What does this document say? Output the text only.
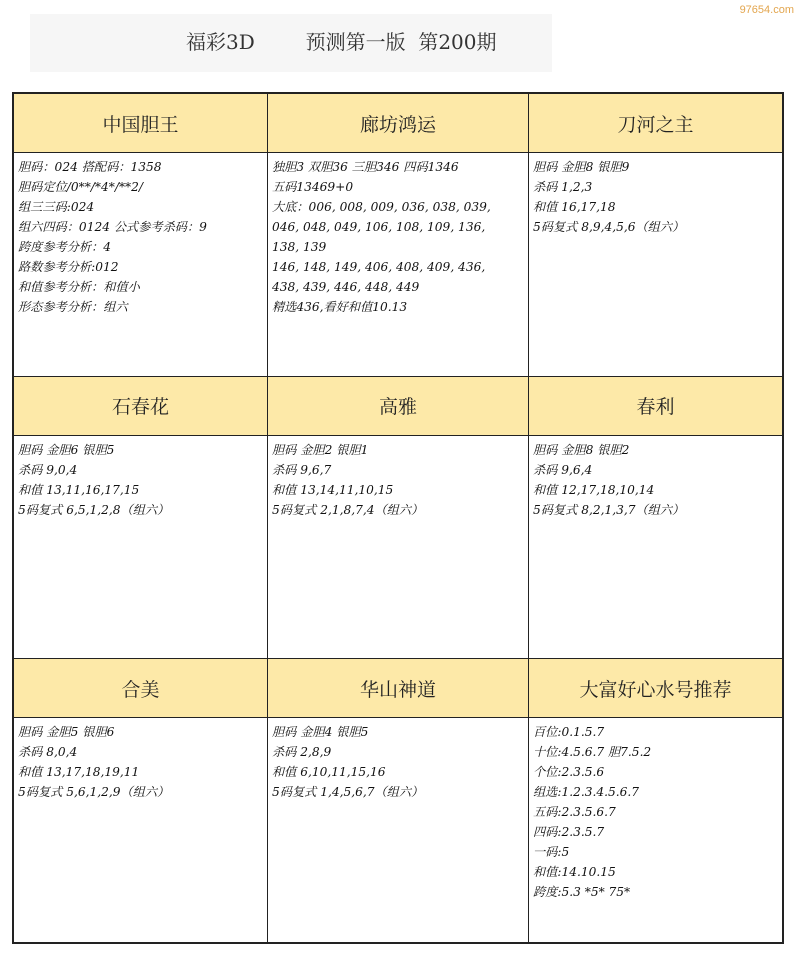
97654.com
福彩3D        预测第一版  第200期
中国胆王
胆码：024 搭配码：1358
胆码定位/0**/*4*/**2/
组三三码:024
组六四码：0124 公式参考杀码：9
跨度参考分析：4
路数参考分析:012
和值参考分析：和值小
形态参考分析：组六
廊坊鸿运
独胆3 双胆36 三胆346 四码1346
五码13469+0
大底：006, 008, 009, 036, 038, 039,
046, 048, 049, 106, 108, 109, 136,
138, 139
146, 148, 149, 406, 408, 409, 436,
438, 439, 446, 448, 449
精选436,看好和值10.13
刀河之主
胆码 金胆8 银胆9
杀码 1,2,3
和值 16,17,18
5码复式 8,9,4,5,6（组六）
石春花
胆码 金胆6 银胆5
杀码 9,0,4
和值 13,11,16,17,15
5码复式 6,5,1,2,8（组六）
高雅
胆码 金胆2 银胆1
杀码 9,6,7
和值 13,14,11,10,15
5码复式 2,1,8,7,4（组六）
春利
胆码 金胆8 银胆2
杀码 9,6,4
和值 12,17,18,10,14
5码复式 8,2,1,3,7（组六）
合美
胆码 金胆5 银胆6
杀码 8,0,4
和值 13,17,18,19,11
5码复式 5,6,1,2,9（组六）
华山神道
胆码 金胆4 银胆5
杀码 2,8,9
和值 6,10,11,15,16
5码复式 1,4,5,6,7（组六）
大富好心水号推荐
百位:0.1.5.7
十位:4.5.6.7 胆7.5.2
个位:2.3.5.6
组选:1.2.3.4.5.6.7
五码:2.3.5.6.7
四码:2.3.5.7
一码:5
和值:14.10.15
跨度:5.3 *5* 75*
